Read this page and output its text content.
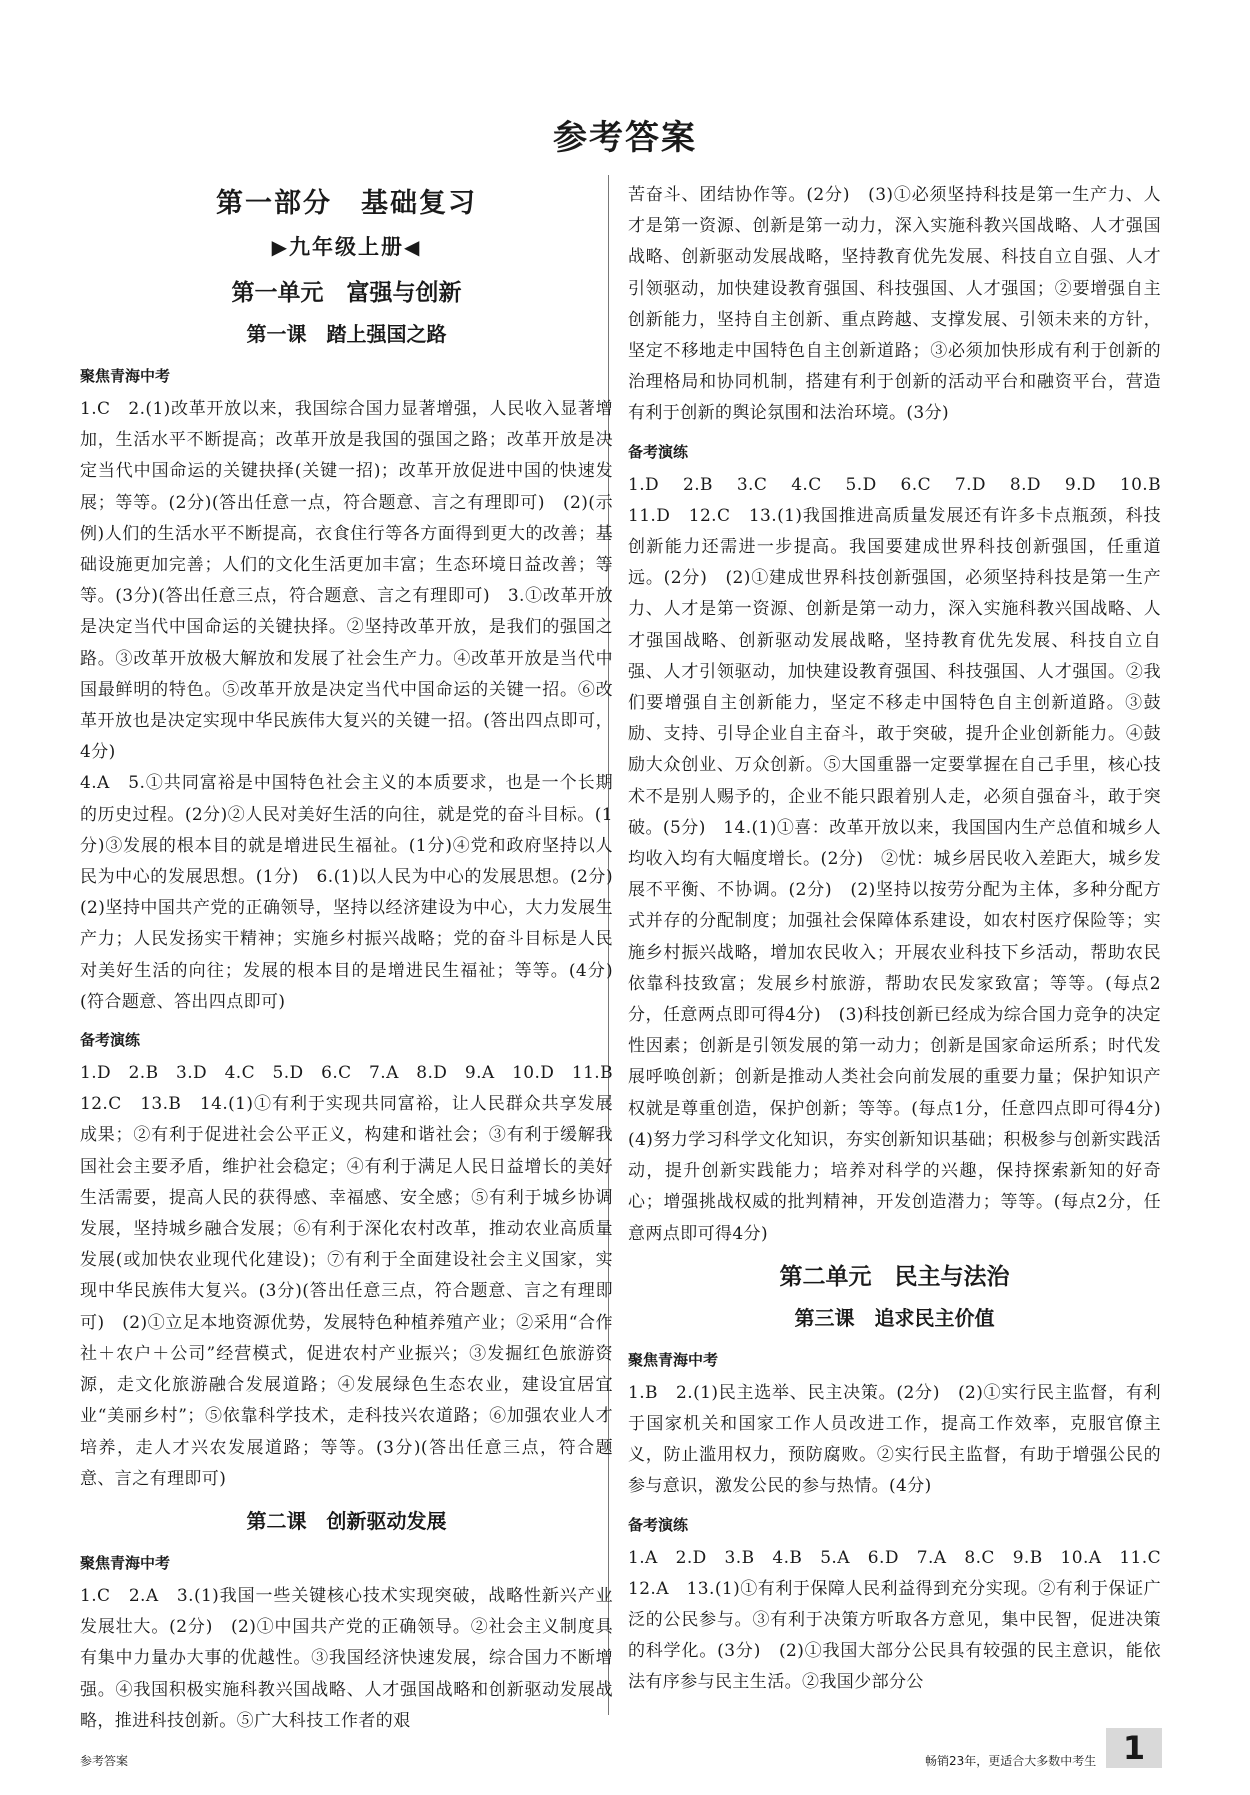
参考答案
第一部分　基础复习
▶九年级上册◀
第一单元　富强与创新
第一课　踏上强国之路
聚焦青海中考

1.C　2.(1)改革开放以来，我国综合国力显著增强，人民收入显著增加，生活水平不断提高；改革开放是我国的强国之路；改革开放是决定当代中国命运的关键抉择(关键一招)；改革开放促进中国的快速发展；等等。(2分)(答出任意一点，符合题意、言之有理即可)　(2)(示例)人们的生活水平不断提高，衣食住行等各方面得到更大的改善；基础设施更加完善；人们的文化生活更加丰富；生态环境日益改善；等等。(3分)(答出任意三点，符合题意、言之有理即可)　3.①改革开放是决定当代中国命运的关键抉择。②坚持改革开放，是我们的强国之路。③改革开放极大解放和发展了社会生产力。④改革开放是当代中国最鲜明的特色。⑤改革开放是决定当代中国命运的关键一招。⑥改革开放也是决定实现中华民族伟大复兴的关键一招。(答出四点即可，4分)

4.A　5.①共同富裕是中国特色社会主义的本质要求，也是一个长期的历史过程。(2分)②人民对美好生活的向往，就是党的奋斗目标。(1分)③发展的根本目的就是增进民生福祉。(1分)④党和政府坚持以人民为中心的发展思想。(1分)　6.(1)以人民为中心的发展思想。(2分)　(2)坚持中国共产党的正确领导，坚持以经济建设为中心，大力发展生产力；人民发扬实干精神；实施乡村振兴战略；党的奋斗目标是人民对美好生活的向往；发展的根本目的是增进民生福祉；等等。(4分)(符合题意、答出四点即可)

备考演练

1.D　2.B　3.D　4.C　5.D　6.C　7.A　8.D　9.A　10.D　11.B　12.C　13.B　14.(1)①有利于实现共同富裕，让人民群众共享发展成果；②有利于促进社会公平正义，构建和谐社会；③有利于缓解我国社会主要矛盾，维护社会稳定；④有利于满足人民日益增长的美好生活需要，提高人民的获得感、幸福感、安全感；⑤有利于城乡协调发展，坚持城乡融合发展；⑥有利于深化农村改革，推动农业高质量发展(或加快农业现代化建设)；⑦有利于全面建设社会主义国家，实现中华民族伟大复兴。(3分)(答出任意三点，符合题意、言之有理即可)　(2)①立足本地资源优势，发展特色种植养殖产业；②采用“合作社＋农户＋公司”经营模式，促进农村产业振兴；③发掘红色旅游资源，走文化旅游融合发展道路；④发展绿色生态农业，建设宜居宜业“美丽乡村”；⑤依靠科学技术，走科技兴农道路；⑥加强农业人才培养，走人才兴农发展道路；等等。(3分)(答出任意三点，符合题意、言之有理即可)

第二课　创新驱动发展
聚焦青海中考

1.C　2.A　3.(1)我国一些关键核心技术实现突破，战略性新兴产业发展壮大。(2分)　(2)①中国共产党的正确领导。②社会主义制度具有集中力量办大事的优越性。③我国经济快速发展，综合国力不断增强。④我国积极实施科教兴国战略、人才强国战略和创新驱动发展战略，推进科技创新。⑤广大科技工作者的艰

苦奋斗、团结协作等。(2分)　(3)①必须坚持科技是第一生产力、人才是第一资源、创新是第一动力，深入实施科教兴国战略、人才强国战略、创新驱动发展战略，坚持教育优先发展、科技自立自强、人才引领驱动，加快建设教育强国、科技强国、人才强国；②要增强自主创新能力，坚持自主创新、重点跨越、支撑发展、引领未来的方针，坚定不移地走中国特色自主创新道路；③必须加快形成有利于创新的治理格局和协同机制，搭建有利于创新的活动平台和融资平台，营造有利于创新的舆论氛围和法治环境。(3分)

备考演练

1.D　2.B　3.C　4.C　5.D　6.C　7.D　8.D　9.D　10.B　11.D　12.C　13.(1)我国推进高质量发展还有许多卡点瓶颈，科技创新能力还需进一步提高。我国要建成世界科技创新强国，任重道远。(2分)　(2)①建成世界科技创新强国，必须坚持科技是第一生产力、人才是第一资源、创新是第一动力，深入实施科教兴国战略、人才强国战略、创新驱动发展战略，坚持教育优先发展、科技自立自强、人才引领驱动，加快建设教育强国、科技强国、人才强国。②我们要增强自主创新能力，坚定不移走中国特色自主创新道路。③鼓励、支持、引导企业自主奋斗，敢于突破，提升企业创新能力。④鼓励大众创业、万众创新。⑤大国重器一定要掌握在自己手里，核心技术不是别人赐予的，企业不能只跟着别人走，必须自强奋斗，敢于突破。(5分)　14.(1)①喜：改革开放以来，我国国内生产总值和城乡人均收入均有大幅度增长。(2分)　②忧：城乡居民收入差距大，城乡发展不平衡、不协调。(2分)　(2)坚持以按劳分配为主体，多种分配方式并存的分配制度；加强社会保障体系建设，如农村医疗保险等；实施乡村振兴战略，增加农民收入；开展农业科技下乡活动，帮助农民依靠科技致富；发展乡村旅游，帮助农民发家致富；等等。(每点2分，任意两点即可得4分)　(3)科技创新已经成为综合国力竞争的决定性因素；创新是引领发展的第一动力；创新是国家命运所系；时代发展呼唤创新；创新是推动人类社会向前发展的重要力量；保护知识产权就是尊重创造，保护创新；等等。(每点1分，任意四点即可得4分)　(4)努力学习科学文化知识，夯实创新知识基础；积极参与创新实践活动，提升创新实践能力；培养对科学的兴趣，保持探索新知的好奇心；增强挑战权威的批判精神，开发创造潜力；等等。(每点2分，任意两点即可得4分)

第二单元　民主与法治
第三课　追求民主价值
聚焦青海中考

1.B　2.(1)民主选举、民主决策。(2分)　(2)①实行民主监督，有利于国家机关和国家工作人员改进工作，提高工作效率，克服官僚主义，防止滥用权力，预防腐败。②实行民主监督，有助于增强公民的参与意识，激发公民的参与热情。(4分)

备考演练

1.A　2.D　3.B　4.B　5.A　6.D　7.A　8.C　9.B　10.A　11.C　12.A　13.(1)①有利于保障人民利益得到充分实现。②有利于保证广泛的公民参与。③有利于决策方听取各方意见，集中民智，促进决策的科学化。(3分)　(2)①我国大部分公民具有较强的民主意识，能依法有序参与民主生活。②我国少部分公

参考答案	畅销23年，更适合大多数中考生 1
